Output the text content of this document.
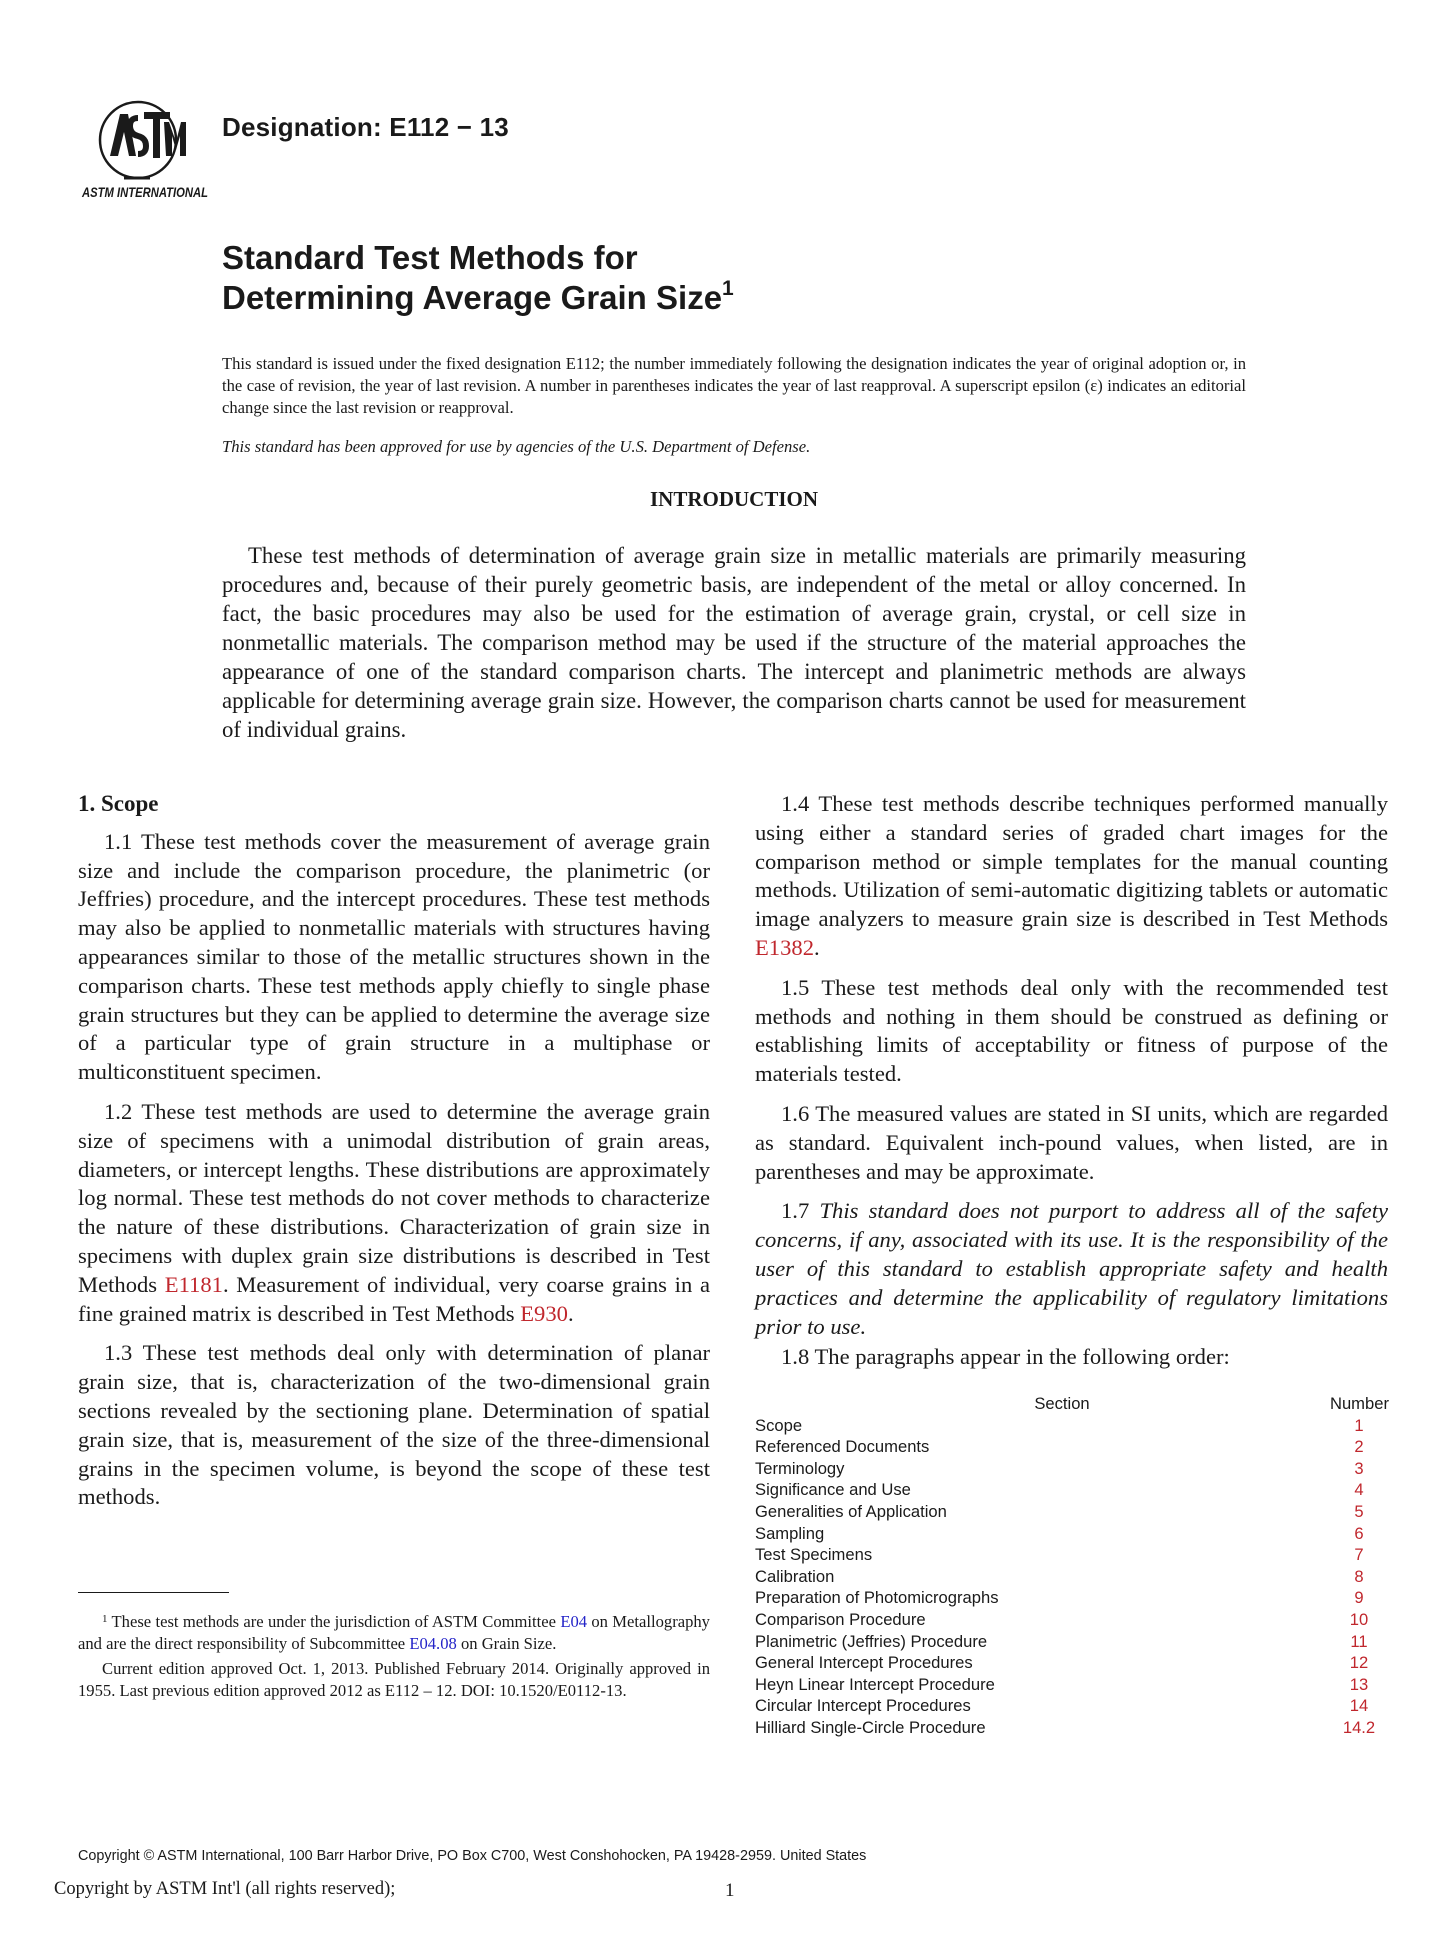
ASTM INTERNATIONAL
Designation: E112 − 13
Standard Test Methods for
Determining Average Grain Size$^1$
This standard is issued under the fixed designation E112; the number immediately following the designation indicates the year of original adoption or, in the case of revision, the year of last revision. A number in parentheses indicates the year of last reapproval. A superscript epsilon (ε) indicates an editorial change since the last revision or reapproval.
This standard has been approved for use by agencies of the U.S. Department of Defense.
INTRODUCTION
These test methods of determination of average grain size in metallic materials are primarily measuring procedures and, because of their purely geometric basis, are independent of the metal or alloy concerned. In fact, the basic procedures may also be used for the estimation of average grain, crystal, or cell size in nonmetallic materials. The comparison method may be used if the structure of the material approaches the appearance of one of the standard comparison charts. The intercept and planimetric methods are always applicable for determining average grain size. However, the comparison charts cannot be used for measurement of individual grains.
1. Scope

1.1 These test methods cover the measurement of average grain size and include the comparison procedure, the planimetric (or Jeffries) procedure, and the intercept procedures. These test methods may also be applied to nonmetallic materials with structures having appearances similar to those of the metallic structures shown in the comparison charts. These test methods apply chiefly to single phase grain structures but they can be applied to determine the average size of a particular type of grain structure in a multiphase or multiconstituent specimen.

1.2 These test methods are used to determine the average grain size of specimens with a unimodal distribution of grain areas, diameters, or intercept lengths. These distributions are approximately log normal. These test methods do not cover methods to characterize the nature of these distributions. Characterization of grain size in specimens with duplex grain size distributions is described in Test Methods E1181. Measurement of individual, very coarse grains in a fine grained matrix is described in Test Methods E930.

1.3 These test methods deal only with determination of planar grain size, that is, characterization of the two-dimensional grain sections revealed by the sectioning plane. Determination of spatial grain size, that is, measurement of the size of the three-dimensional grains in the specimen volume, is beyond the scope of these test methods.

$^1$ These test methods are under the jurisdiction of ASTM Committee E04 on Metallography and are the direct responsibility of Subcommittee E04.08 on Grain Size.

Current edition approved Oct. 1, 2013. Published February 2014. Originally approved in 1955. Last previous edition approved 2012 as E112 – 12. DOI: 10.1520/E0112-13.

1.4 These test methods describe techniques performed manually using either a standard series of graded chart images for the comparison method or simple templates for the manual counting methods. Utilization of semi-automatic digitizing tablets or automatic image analyzers to measure grain size is described in Test Methods E1382.

1.5 These test methods deal only with the recommended test methods and nothing in them should be construed as defining or establishing limits of acceptability or fitness of purpose of the materials tested.

1.6 The measured values are stated in SI units, which are regarded as standard. Equivalent inch-pound values, when listed, are in parentheses and may be approximate.

1.7 This standard does not purport to address all of the safety concerns, if any, associated with its use. It is the responsibility of the user of this standard to establish appropriate safety and health practices and determine the applicability of regulatory limitations prior to use.

1.8 The paragraphs appear in the following order:

Section	Number
Scope	1
Referenced Documents	2
Terminology	3
Significance and Use	4
Generalities of Application	5
Sampling	6
Test Specimens	7
Calibration	8
Preparation of Photomicrographs	9
Comparison Procedure	10
Planimetric (Jeffries) Procedure	11
General Intercept Procedures	12
Heyn Linear Intercept Procedure	13
Circular Intercept Procedures	14
Hilliard Single-Circle Procedure	14.2
Copyright © ASTM International, 100 Barr Harbor Drive, PO Box C700, West Conshohocken, PA 19428-2959. United States
Copyright by ASTM Int'l (all rights reserved);	1
